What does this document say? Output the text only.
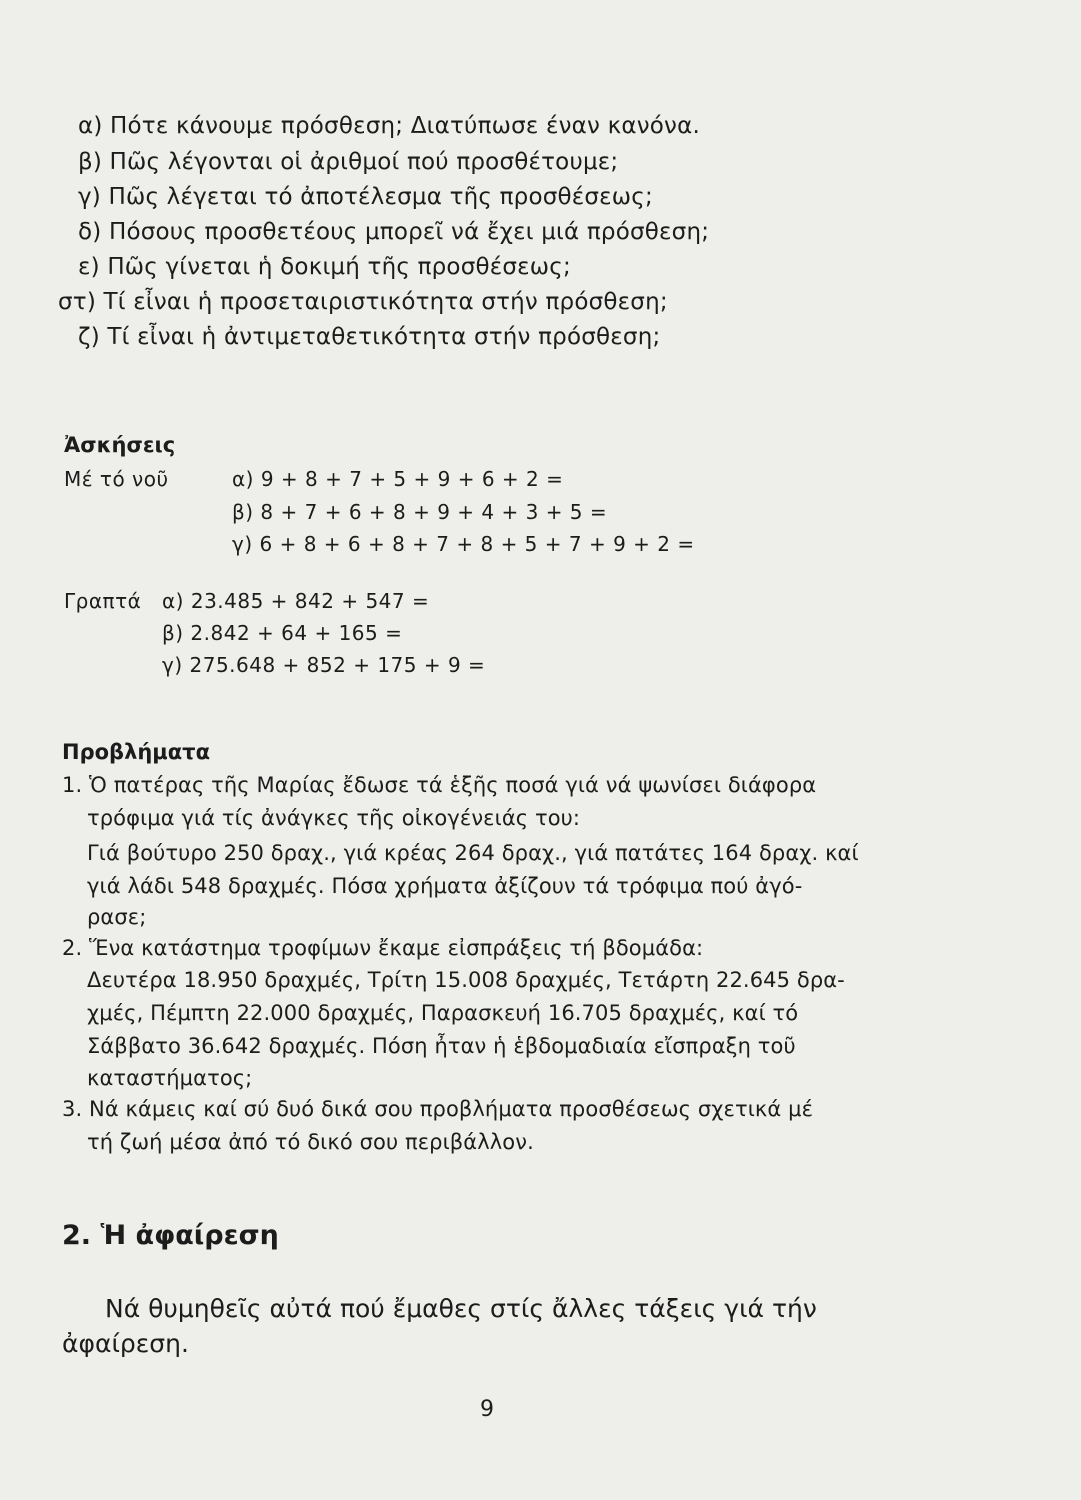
α) Πότε κάνουμε πρόσθεση; Διατύπωσε έναν κανόνα.
β) Πῶς λέγονται οἱ ἀριθμοί πού προσθέτουμε;
γ) Πῶς λέγεται τό ἀποτέλεσμα τῆς προσθέσεως;
δ) Πόσους προσθετέους μπορεῖ νά ἔχει μιά πρόσθεση;
ε) Πῶς γίνεται ἡ δοκιμή τῆς προσθέσεως;
στ) Τί εἶναι ἡ προσεταιριστικότητα στήν πρόσθεση;
ζ) Τί εἶναι ἡ ἀντιμεταθετικότητα στήν πρόσθεση;
Ἀσκήσεις
Μέ τό νοῦ	α) 9 + 8 + 7 + 5 + 9 + 6 + 2 =
β) 8 + 7 + 6 + 8 + 9 + 4 + 3 + 5 =
γ) 6 + 8 + 6 + 8 + 7 + 8 + 5 + 7 + 9 + 2 =
Γραπτά α) 23.485 + 842 + 547 =
β) 2.842 + 64 + 165 =
γ) 275.648 + 852 + 175 + 9 =
Προβλήματα
1. Ὁ πατέρας τῆς Μαρίας ἔδωσε τά ἑξῆς ποσά γιά νά ψωνίσει διάφορα
τρόφιμα γιά τίς ἀνάγκες τῆς οἰκογένειάς του:
Γιά βούτυρο 250 δραχ., γιά κρέας 264 δραχ., γιά πατάτες 164 δραχ. καί
γιά λάδι 548 δραχμές. Πόσα χρήματα ἀξίζουν τά τρόφιμα πού ἀγό-
ρασε;
2. Ἕνα κατάστημα τροφίμων ἔκαμε εἰσπράξεις τή βδομάδα:
Δευτέρα 18.950 δραχμές, Τρίτη 15.008 δραχμές, Τετάρτη 22.645 δρα-
χμές, Πέμπτη 22.000 δραχμές, Παρασκευή 16.705 δραχμές, καί τό
Σάββατο 36.642 δραχμές. Πόση ἦταν ἡ ἑβδομαδιαία εἴσπραξη τοῦ
καταστήματος;
3. Νά κάμεις καί σύ δυό δικά σου προβλήματα προσθέσεως σχετικά μέ
τή ζωή μέσα ἀπό τό δικό σου περιβάλλον.
2. Ἡ ἀφαίρεση
Νά θυμηθεῖς αὐτά πού ἔμαθες στίς ἄλλες τάξεις γιά τήν
ἀφαίρεση.
9
